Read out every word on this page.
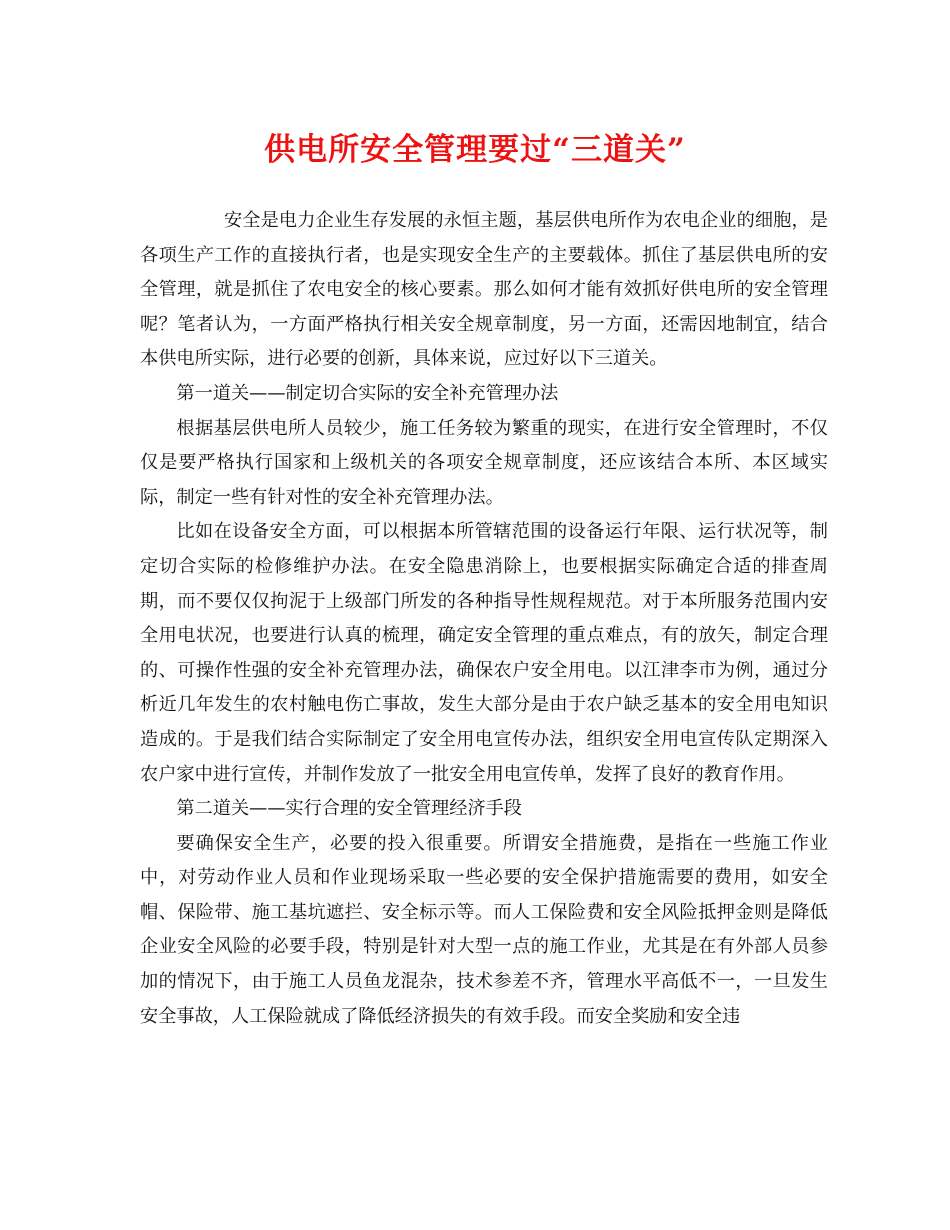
供电所安全管理要过“三道关”

安全是电力企业生存发展的永恒主题，基层供电所作为农电企业的细胞，是各项生产工作的直接执行者，也是实现安全生产的主要载体。抓住了基层供电所的安全管理，就是抓住了农电安全的核心要素。那么如何才能有效抓好供电所的安全管理呢？笔者认为，一方面严格执行相关安全规章制度，另一方面，还需因地制宜，结合本供电所实际，进行必要的创新，具体来说，应过好以下三道关。

第一道关——制定切合实际的安全补充管理办法

根据基层供电所人员较少，施工任务较为繁重的现实，在进行安全管理时，不仅仅是要严格执行国家和上级机关的各项安全规章制度，还应该结合本所、本区域实际，制定一些有针对性的安全补充管理办法。

比如在设备安全方面，可以根据本所管辖范围的设备运行年限、运行状况等，制定切合实际的检修维护办法。在安全隐患消除上，也要根据实际确定合适的排查周期，而不要仅仅拘泥于上级部门所发的各种指导性规程规范。对于本所服务范围内安全用电状况，也要进行认真的梳理，确定安全管理的重点难点，有的放矢，制定合理的、可操作性强的安全补充管理办法，确保农户安全用电。以江津李市为例，通过分析近几年发生的农村触电伤亡事故，发生大部分是由于农户缺乏基本的安全用电知识造成的。于是我们结合实际制定了安全用电宣传办法，组织安全用电宣传队定期深入农户家中进行宣传，并制作发放了一批安全用电宣传单，发挥了良好的教育作用。

第二道关——实行合理的安全管理经济手段

要确保安全生产，必要的投入很重要。所谓安全措施费，是指在一些施工作业中，对劳动作业人员和作业现场采取一些必要的安全保护措施需要的费用，如安全帽、保险带、施工基坑遮拦、安全标示等。而人工保险费和安全风险抵押金则是降低企业安全风险的必要手段，特别是针对大型一点的施工作业，尤其是在有外部人员参加的情况下，由于施工人员鱼龙混杂，技术参差不齐，管理水平高低不一，一旦发生安全事故，人工保险就成了降低经济损失的有效手段。而安全奖励和安全违
